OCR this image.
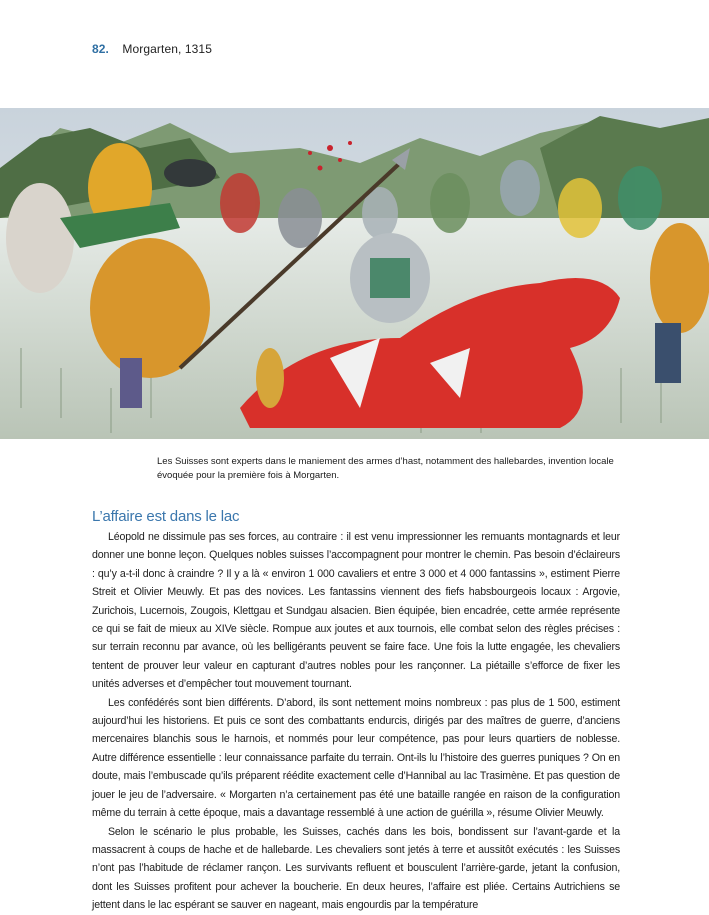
82. Morgarten, 1315
Les Suisses sont experts dans le maniement des armes d’hast, notamment des hallebardes, invention locale évoquée pour la première fois à Morgarten.
L’affaire est dans le lac

Léopold ne dissimule pas ses forces, au contraire : il est venu impressionner les remuants montagnards et leur donner une bonne leçon. Quelques nobles suisses l’accompagnent pour montrer le chemin. Pas besoin d’éclaireurs : qu’y a-t-il donc à craindre ? Il y a là « environ 1 000 cavaliers et entre 3 000 et 4 000 fantassins », estiment Pierre Streit et Olivier Meuwly. Et pas des novices. Les fantassins viennent des fiefs habsbourgeois locaux : Argovie, Zurichois, Lucernois, Zougois, Klettgau et Sundgau alsacien. Bien équipée, bien encadrée, cette armée représente ce qui se fait de mieux au XIVe siècle. Rompue aux joutes et aux tournois, elle combat selon des règles précises : sur terrain reconnu par avance, où les belligérants peuvent se faire face. Une fois la lutte engagée, les chevaliers tentent de prouver leur valeur en capturant d’autres nobles pour les rançonner. La piétaille s’efforce de fixer les unités adverses et d’empêcher tout mouvement tournant.

Les confédérés sont bien différents. D’abord, ils sont nettement moins nombreux : pas plus de 1 500, estiment aujourd’hui les historiens. Et puis ce sont des combattants endurcis, dirigés par des maîtres de guerre, d’anciens mercenaires blanchis sous le harnois, et nommés pour leur compétence, pas pour leurs quartiers de noblesse. Autre différence essentielle : leur connaissance parfaite du terrain. Ont-ils lu l’histoire des guerres puniques ? On en doute, mais l’embuscade qu’ils préparent réédite exactement celle d’Hannibal au lac Trasimène. Et pas question de jouer le jeu de l’adversaire. « Morgarten n’a certainement pas été une bataille rangée en raison de la configuration même du terrain à cette époque, mais a davantage ressemblé à une action de guérilla », résume Olivier Meuwly.

Selon le scénario le plus probable, les Suisses, cachés dans les bois, bondissent sur l’avant-garde et la massacrent à coups de hache et de hallebarde. Les chevaliers sont jetés à terre et aussitôt exécutés : les Suisses n’ont pas l’habitude de réclamer rançon. Les survivants refluent et bousculent l’arrière-garde, jetant la confusion, dont les Suisses profitent pour achever la boucherie. En deux heures, l’affaire est pliée. Certains Autrichiens se jettent dans le lac espérant se sauver en nageant, mais engourdis par la température
